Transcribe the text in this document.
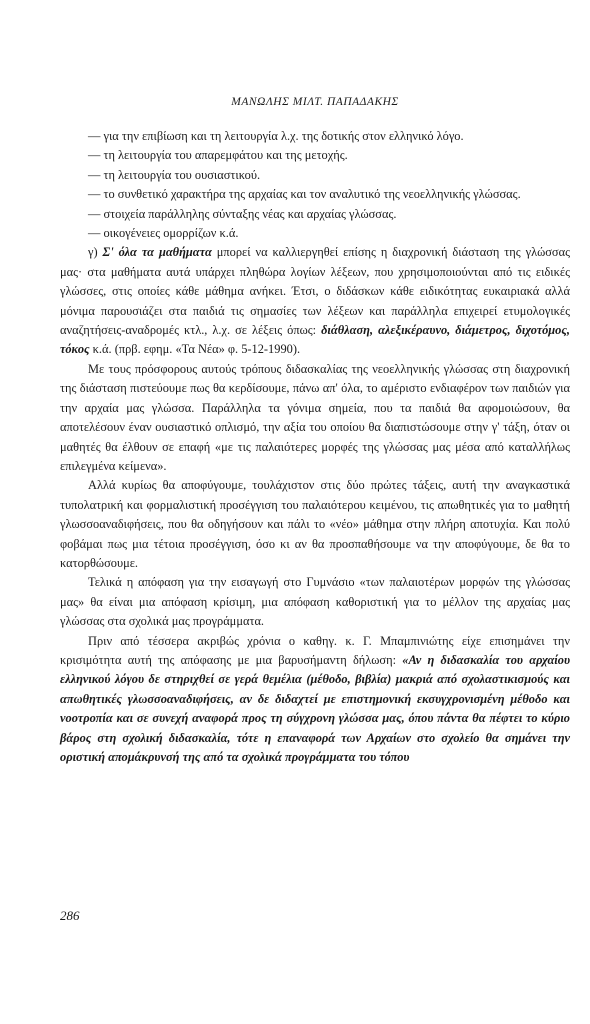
ΜΑΝΩΛΗΣ ΜΙΛΤ. ΠΑΠΑΔΑΚΗΣ

— για την επιβίωση και τη λειτουργία λ.χ. της δοτικής στον ελληνικό λόγο.

— τη λειτουργία του απαρεμφάτου και της μετοχής.

— τη λειτουργία του ουσιαστικού.

— το συνθετικό χαρακτήρα της αρχαίας και τον αναλυτικό της νεοελληνικής γλώσσας.

— στοιχεία παράλληλης σύνταξης νέας και αρχαίας γλώσσας.

— οικογένειες ομορρίζων κ.ά.

γ) Σ' όλα τα μαθήματα μπορεί να καλλιεργηθεί επίσης η διαχρονική διάσταση της γλώσσας μας· στα μαθήματα αυτά υπάρχει πληθώρα λογίων λέξεων, που χρησιμοποιούνται από τις ειδικές γλώσσες, στις οποίες κάθε μάθημα ανήκει. Έτσι, ο διδάσκων κάθε ειδικότητας ευκαιριακά αλλά μόνιμα παρουσιάζει στα παιδιά τις σημασίες των λέξεων και παράλληλα επιχειρεί ετυμολογικές αναζητήσεις-αναδρομές κτλ., λ.χ. σε λέξεις όπως: διάθλαση, αλεξικέραυνο, διάμετρος, διχοτόμος, τόκος κ.ά. (πρβ. εφημ. «Τα Νέα» φ. 5-12-1990).

Με τους πρόσφορους αυτούς τρόπους διδασκαλίας της νεοελληνικής γλώσσας στη διαχρονική της διάσταση πιστεύουμε πως θα κερδίσουμε, πάνω απ' όλα, το αμέριστο ενδιαφέρον των παιδιών για την αρχαία μας γλώσσα. Παράλληλα τα γόνιμα σημεία, που τα παιδιά θα αφομοιώσουν, θα αποτελέσουν έναν ουσιαστικό οπλισμό, την αξία του οποίου θα διαπιστώσουμε στην γ' τάξη, όταν οι μαθητές θα έλθουν σε επαφή «με τις παλαιότερες μορφές της γλώσσας μας μέσα από καταλλήλως επιλεγμένα κείμενα».

Αλλά κυρίως θα αποφύγουμε, τουλάχιστον στις δύο πρώτες τάξεις, αυτή την αναγκαστικά τυπολατρική και φορμαλιστική προσέγγιση του παλαιότερου κειμένου, τις απωθητικές για το μαθητή γλωσσοαναδιφήσεις, που θα οδηγήσουν και πάλι το «νέο» μάθημα στην πλήρη αποτυχία. Και πολύ φοβάμαι πως μια τέτοια προσέγγιση, όσο κι αν θα προσπαθήσουμε να την αποφύγουμε, δε θα το κατορθώσουμε.

Τελικά η απόφαση για την εισαγωγή στο Γυμνάσιο «των παλαιοτέρων μορφών της γλώσσας μας» θα είναι μια απόφαση κρίσιμη, μια απόφαση καθοριστική για το μέλλον της αρχαίας μας γλώσσας στα σχολικά μας προγράμματα.

Πριν από τέσσερα ακριβώς χρόνια ο καθηγ. κ. Γ. Μπαμπινιώτης είχε επισημάνει την κρισιμότητα αυτή της απόφασης με μια βαρυσήμαντη δήλωση: «Αν η διδασκαλία του αρχαίου ελληνικού λόγου δε στηριχθεί σε γερά θεμέλια (μέθοδο, βιβλία) μακριά από σχολαστικισμούς και απωθητικές γλωσσοαναδιφήσεις, αν δε διδαχτεί με επιστημονική εκσυγχρονισμένη μέθοδο και νοοτροπία και σε συνεχή αναφορά προς τη σύγχρονη γλώσσα μας, όπου πάντα θα πέφτει το κύριο βάρος στη σχολική διδασκαλία, τότε η επαναφορά των Αρχαίων στο σχολείο θα σημάνει την οριστική απομάκρυνσή της από τα σχολικά προγράμματα του τόπου

286
